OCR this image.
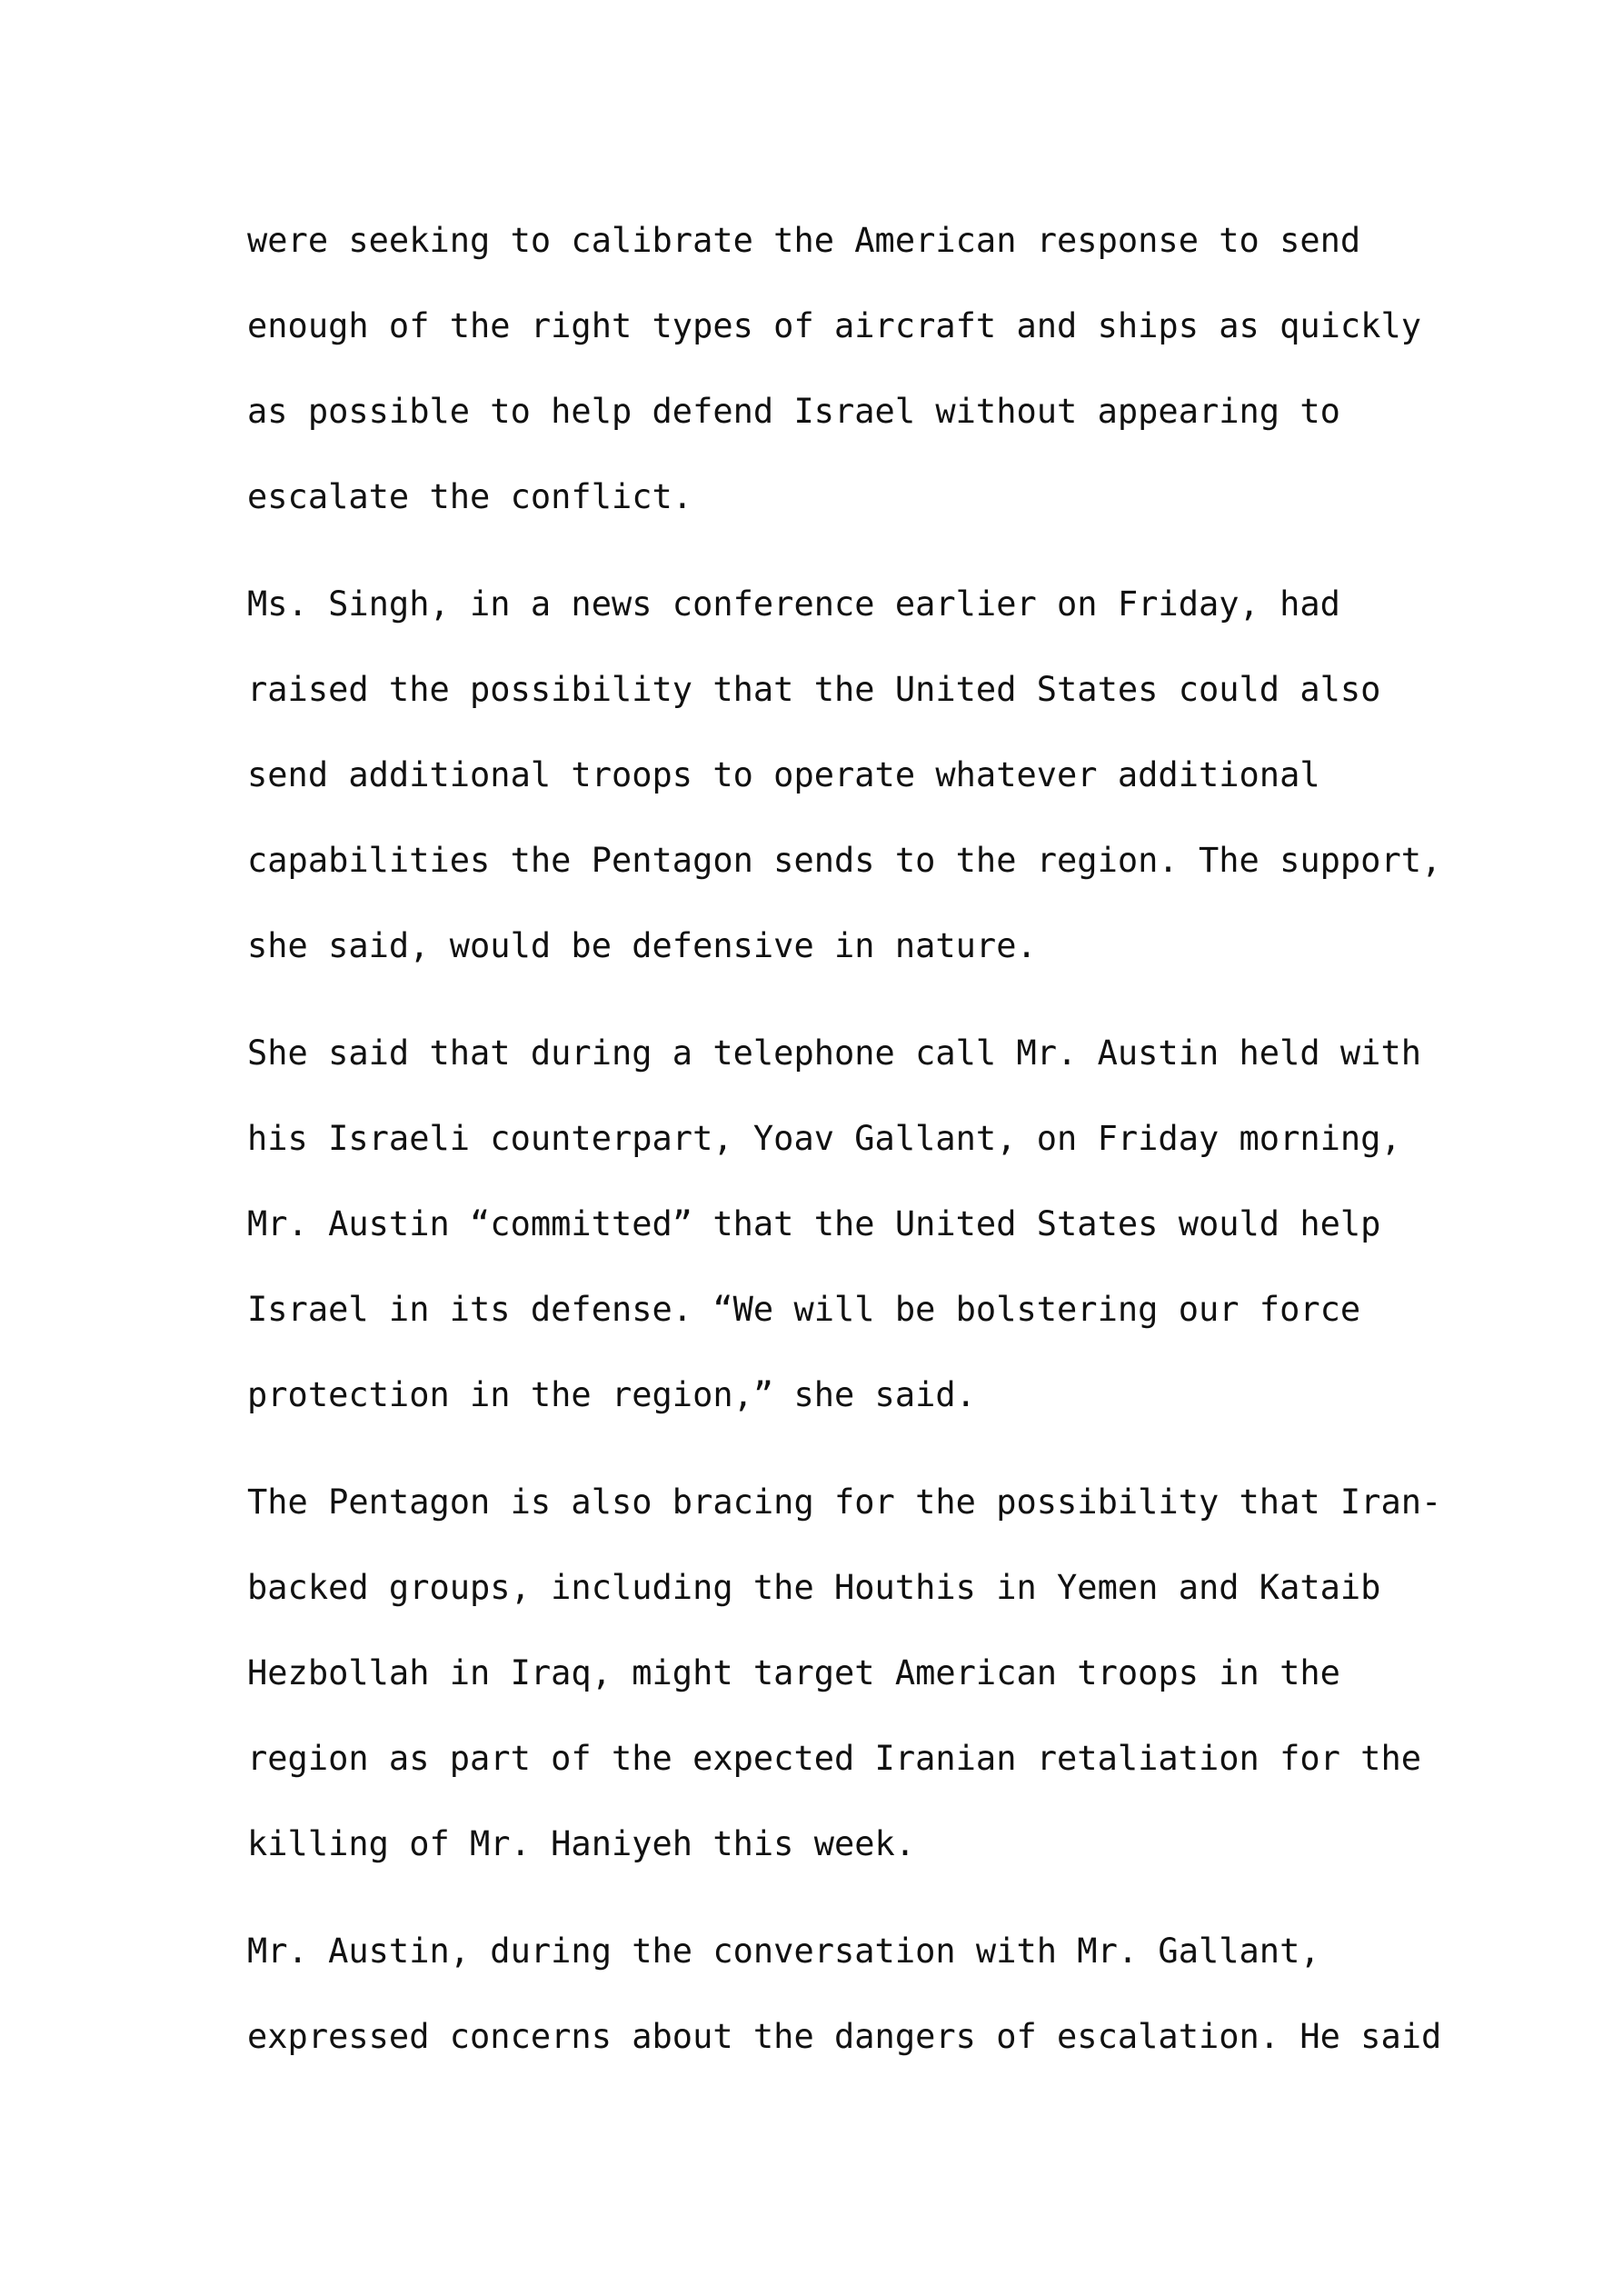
were seeking to calibrate the American response to send
enough of the right types of aircraft and ships as quickly
as possible to help defend Israel without appearing to
escalate the conflict.

Ms. Singh, in a news conference earlier on Friday, had
raised the possibility that the United States could also
send additional troops to operate whatever additional
capabilities the Pentagon sends to the region. The support,
she said, would be defensive in nature.

She said that during a telephone call Mr. Austin held with
his Israeli counterpart, Yoav Gallant, on Friday morning,
Mr. Austin “committed” that the United States would help
Israel in its defense. “We will be bolstering our force
protection in the region,” she said.

The Pentagon is also bracing for the possibility that Iran-
backed groups, including the Houthis in Yemen and Kataib
Hezbollah in Iraq, might target American troops in the
region as part of the expected Iranian retaliation for the
killing of Mr. Haniyeh this week.

Mr. Austin, during the conversation with Mr. Gallant,
expressed concerns about the dangers of escalation. He said
